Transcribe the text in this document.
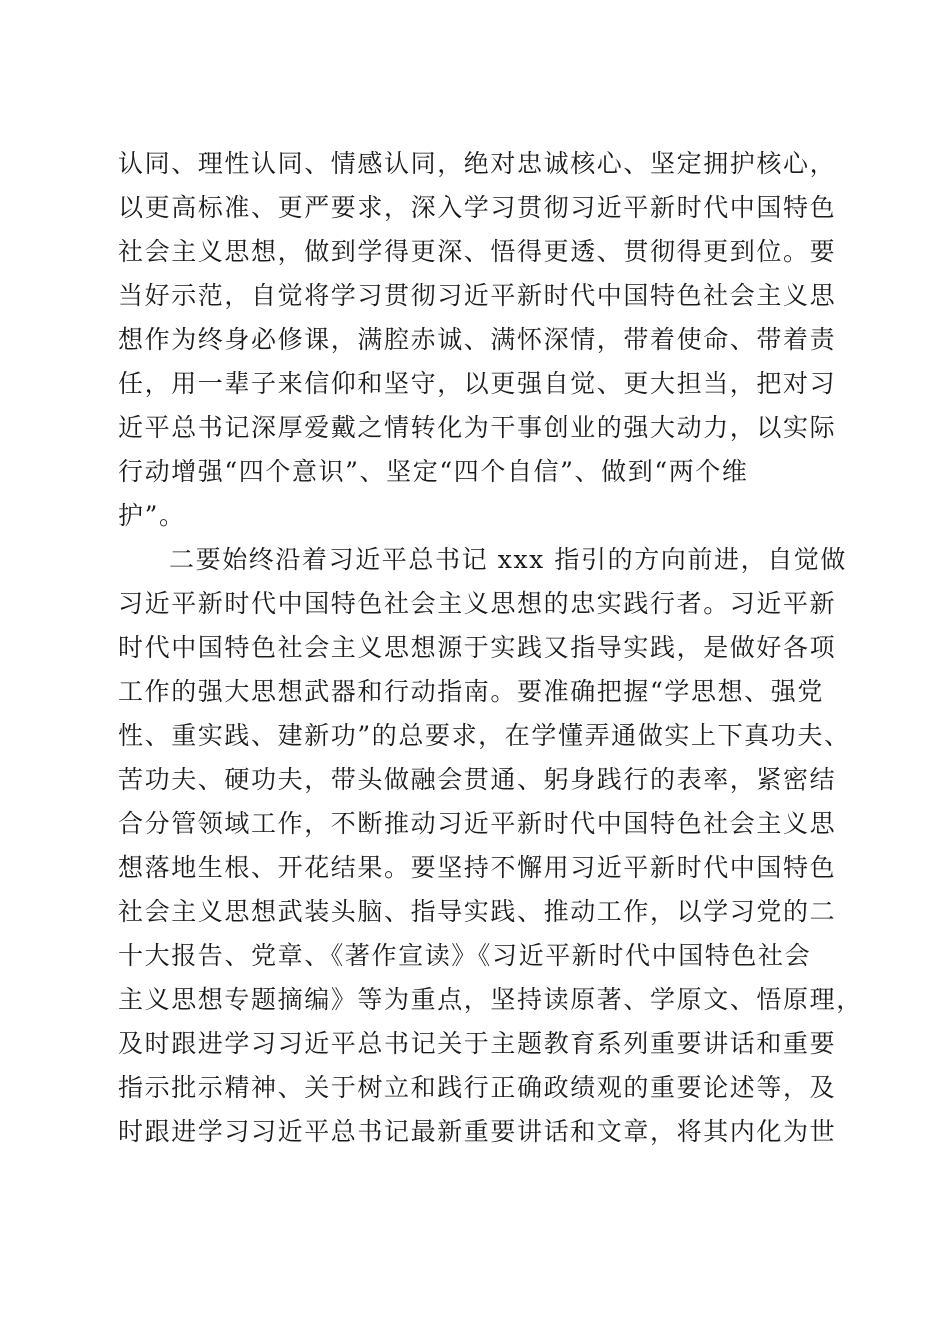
认同、理性认同、情感认同，绝对忠诚核心、坚定拥护核心，
以更高标准、更严要求，深入学习贯彻习近平新时代中国特色
社会主义思想，做到学得更深、悟得更透、贯彻得更到位。要
当好示范，自觉将学习贯彻习近平新时代中国特色社会主义思
想作为终身必修课，满腔赤诚、满怀深情，带着使命、带着责
任，用一辈子来信仰和坚守，以更强自觉、更大担当，把对习
近平总书记深厚爱戴之情转化为干事创业的强大动力，以实际
行动增强“四个意识”、坚定“四个自信”、做到“两个维
护”。
二要始终沿着习近平总书记 xxx 指引的方向前进，自觉做
习近平新时代中国特色社会主义思想的忠实践行者。习近平新
时代中国特色社会主义思想源于实践又指导实践，是做好各项
工作的强大思想武器和行动指南。要准确把握“学思想、强党
性、重实践、建新功”的总要求，在学懂弄通做实上下真功夫、
苦功夫、硬功夫，带头做融会贯通、躬身践行的表率，紧密结
合分管领域工作，不断推动习近平新时代中国特色社会主义思
想落地生根、开花结果。要坚持不懈用习近平新时代中国特色
社会主义思想武装头脑、指导实践、推动工作，以学习党的二
十大报告、党章、《著作宣读》《习近平新时代中国特色社会
主义思想专题摘编》等为重点，坚持读原著、学原文、悟原理，
及时跟进学习习近平总书记关于主题教育系列重要讲话和重要
指示批示精神、关于树立和践行正确政绩观的重要论述等，及
时跟进学习习近平总书记最新重要讲话和文章，将其内化为世
